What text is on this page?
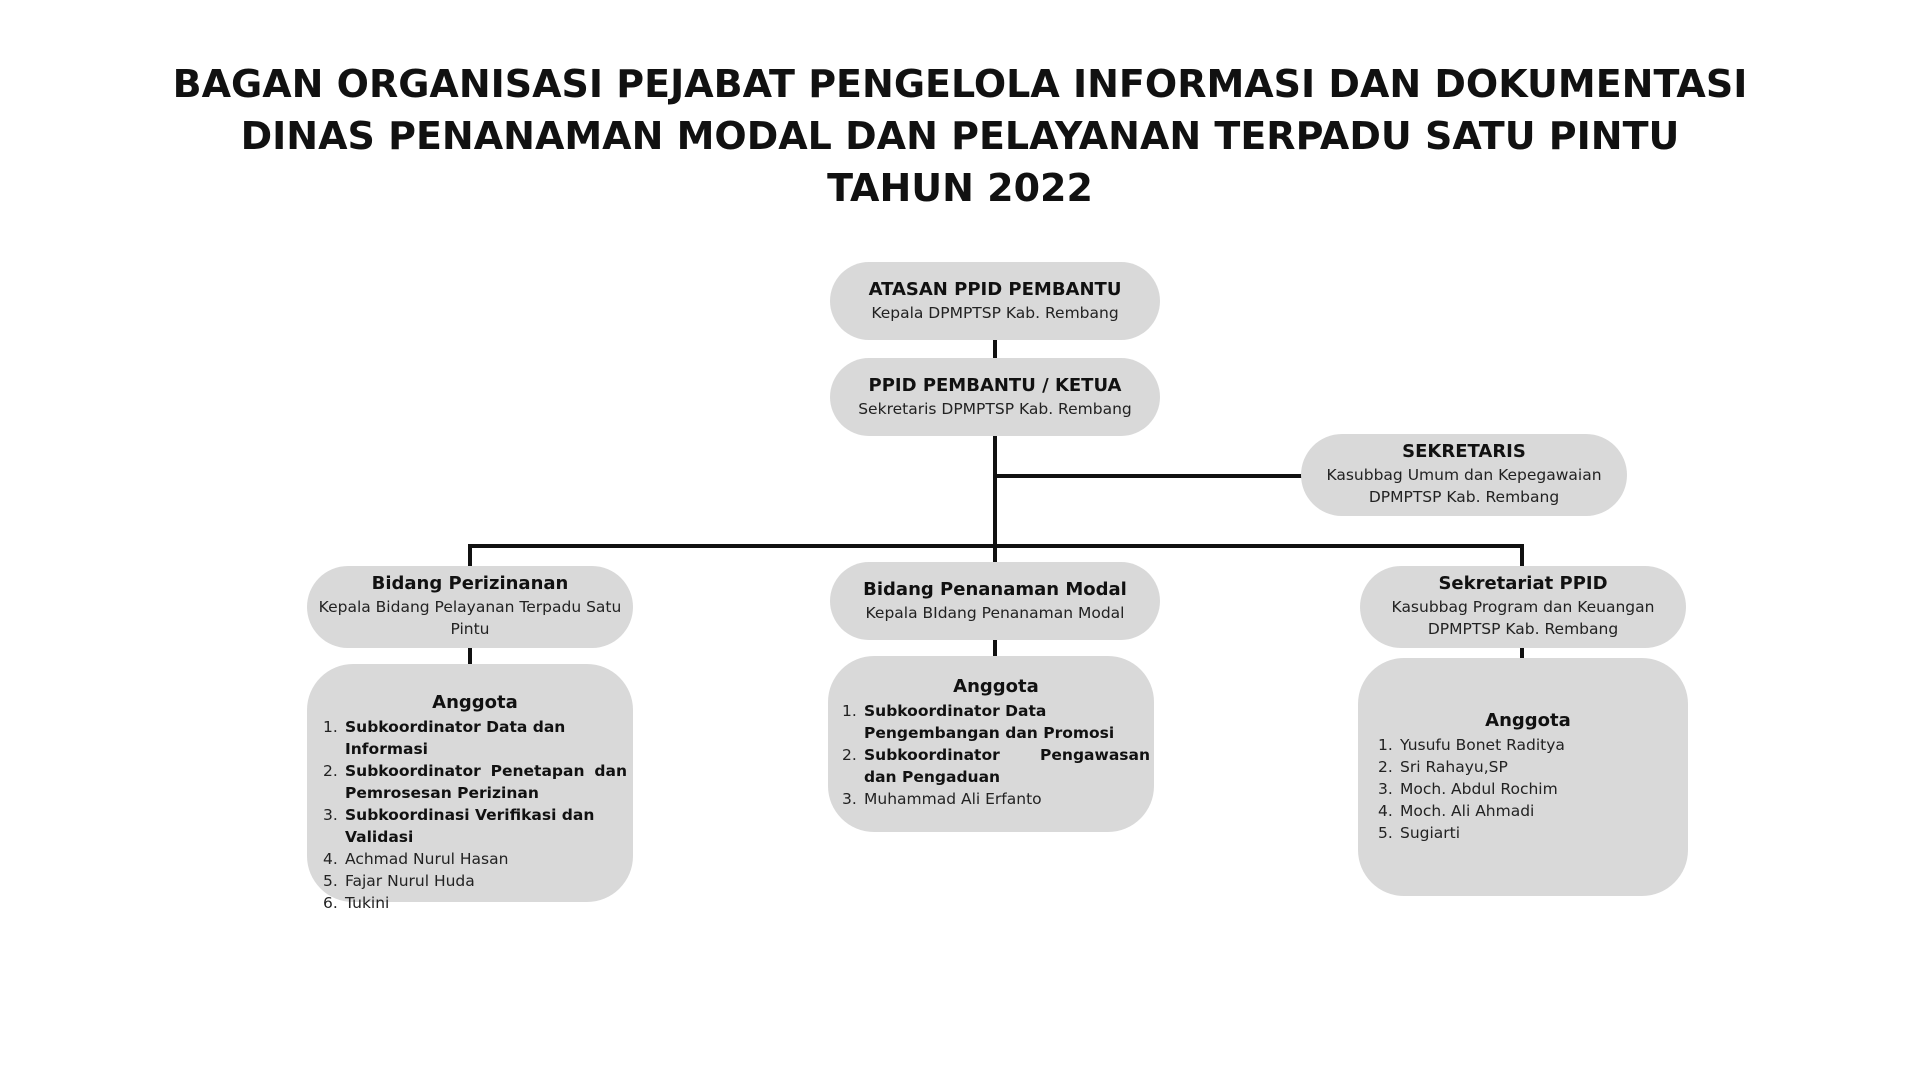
BAGAN ORGANISASI PEJABAT PENGELOLA INFORMASI DAN DOKUMENTASI
DINAS PENANAMAN MODAL DAN PELAYANAN TERPADU SATU PINTU
TAHUN 2022
ATASAN PPID PEMBANTU
Kepala DPMPTSP Kab. Rembang
PPID PEMBANTU / KETUA
Sekretaris DPMPTSP Kab. Rembang
SEKRETARIS
Kasubbag Umum dan Kepegawaian
DPMPTSP Kab. Rembang
Bidang Perizinanan
Kepala Bidang Pelayanan Terpadu Satu
Pintu
Bidang Penanaman Modal
Kepala BIdang Penanaman Modal
Sekretariat PPID
Kasubbag Program dan Keuangan
DPMPTSP Kab. Rembang
Anggota
1. Subkoordinator Data dan Informasi
2. Subkoordinator Penetapan dan Pemrosesan Perizinan
3. Subkoordinasi Verifikasi dan Validasi
4. Achmad Nurul Hasan
5. Fajar Nurul Huda
6. Tukini
Anggota
1. Subkoordinator Data Pengembangan dan Promosi
2. Subkoordinator Pengawasan dan Pengaduan
3. Muhammad Ali Erfanto
Anggota
1. Yusufu Bonet Raditya
2. Sri Rahayu,SP
3. Moch. Abdul Rochim
4. Moch. Ali Ahmadi
5. Sugiarti
